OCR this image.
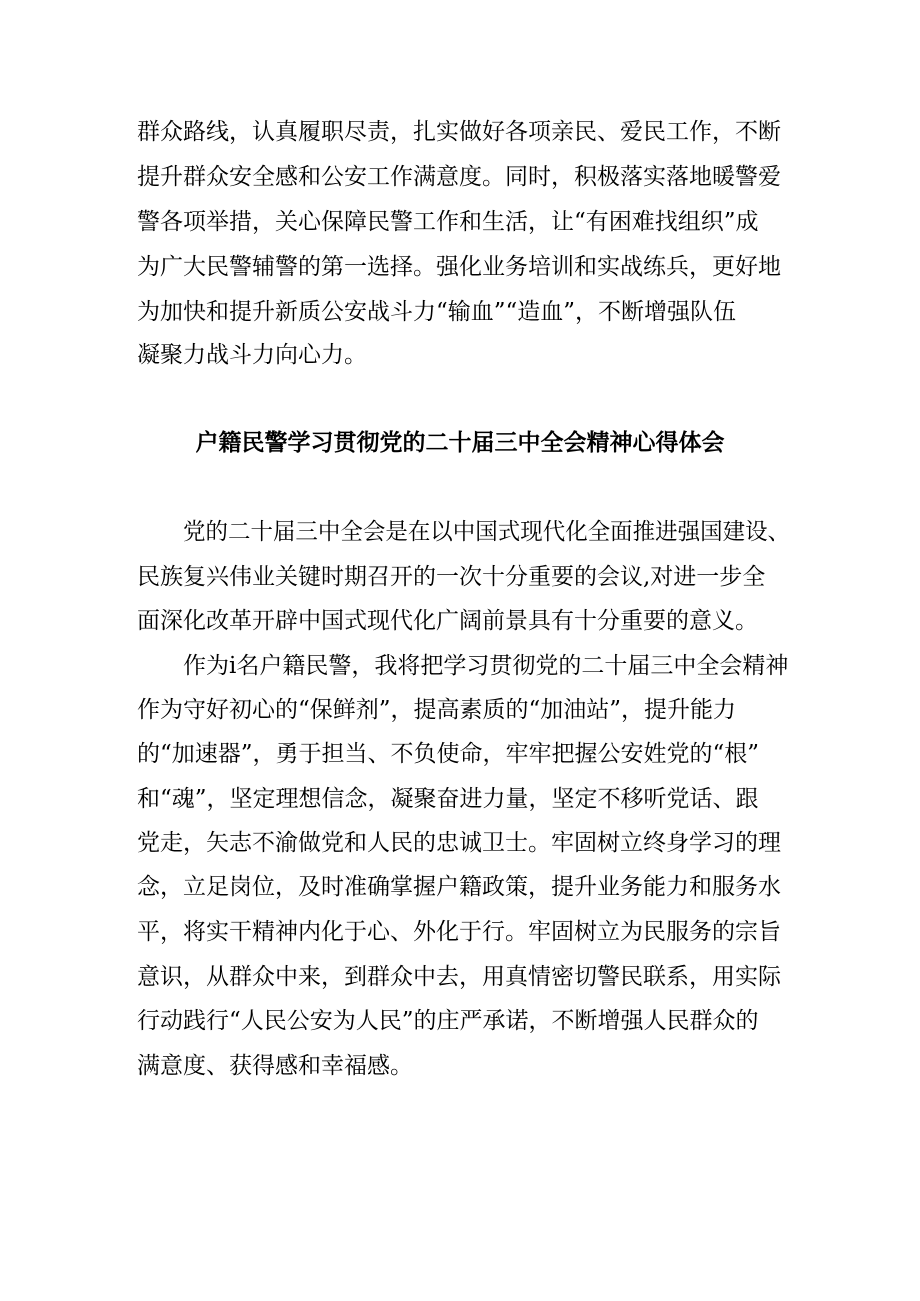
群众路线，认真履职尽责，扎实做好各项亲民、爱民工作，不断
提升群众安全感和公安工作满意度。同时，积极落实落地暖警爱
警各项举措，关心保障民警工作和生活，让“有困难找组织”成
为广大民警辅警的第一选择。强化业务培训和实战练兵，更好地
为加快和提升新质公安战斗力“输血”“造血”，不断增强队伍
凝聚力战斗力向心力。
户籍民警学习贯彻党的二十届三中全会精神心得体会
党的二十届三中全会是在以中国式现代化全面推进强国建设、
民族复兴伟业关键时期召开的一次十分重要的会议,对进一步全
面深化改革开辟中国式现代化广阔前景具有十分重要的意义。
作为i名户籍民警，我将把学习贯彻党的二十届三中全会精神
作为守好初心的“保鲜剂”，提高素质的“加油站”，提升能力
的“加速器”，勇于担当、不负使命，牢牢把握公安姓党的“根”
和“魂”，坚定理想信念，凝聚奋进力量，坚定不移听党话、跟
党走，矢志不渝做党和人民的忠诚卫士。牢固树立终身学习的理
念，立足岗位，及时准确掌握户籍政策，提升业务能力和服务水
平，将实干精神内化于心、外化于行。牢固树立为民服务的宗旨
意识，从群众中来，到群众中去，用真情密切警民联系，用实际
行动践行“人民公安为人民”的庄严承诺，不断增强人民群众的
满意度、获得感和幸福感。
